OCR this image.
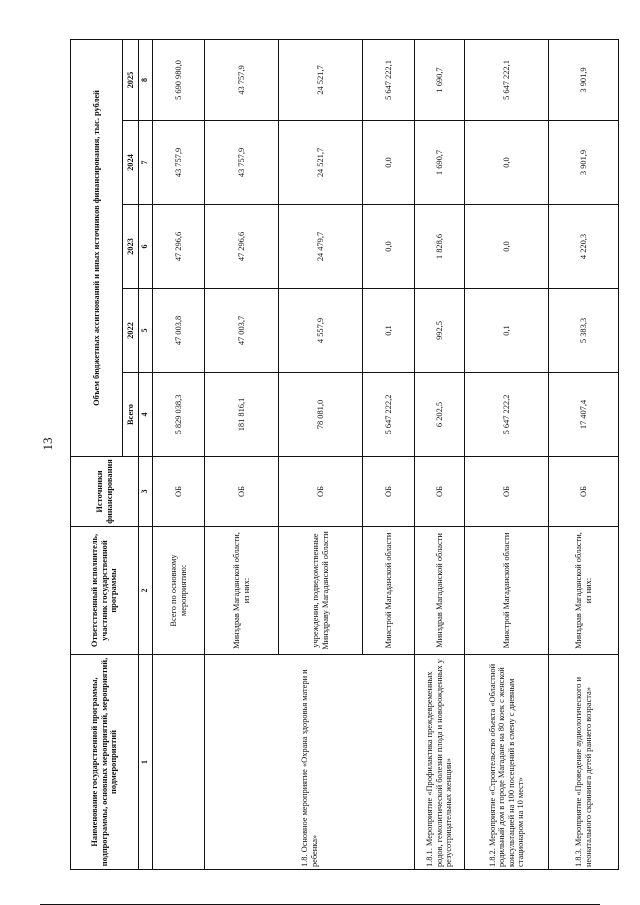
13
Наименование государственной программы, подпрограммы, основных мероприятий, мероприятий, подмероприятий	Ответственный исполнитель, участник государственной программы	Источники финансирования	Объем бюджетных ассигнований и иных источников финансирования, тыс. рублей				
			Всего	2022	2023	2024	2025
1	2	3	4	5	6	7	8
	Всего по основному мероприятию:	ОБ	5 829 038,3	47 003,8	47 296,6	43 757,9	5 690 980,0
1.8. Основное мероприятие «Охрана здоровья матери и ребенка»	Минздрав Магаданской области, из них:	ОБ	181 816,1	47 003,7	47 296,6	43 757,9	43 757,9
	учреждения, подведомственные Минздраву Магаданской области	ОБ	78 081,0	4 557,9	24 479,7	24 521,7	24 521,7
	Минстрой Магаданской области	ОБ	5 647 222,2	0,1	0,0	0,0	5 647 222,1
1.8.1. Мероприятие «Профилактика преждевременных родов, гемолитической болезни плода и новорожденных у резусотрицательных женщин»	Минздрав Магаданской области	ОБ	6 202,5	992,5	1 828,6	1 690,7	1 690,7
1.8.2. Мероприятие «Строительство объекта «Областной родильный дом в городе Магадане на 80 коек с женской консультацией на 100 посещений в смену с дневным стационаром на 10 мест»	Минстрой Магаданской области	ОБ	5 647 222,2	0,1	0,0	0,0	5 647 222,1
1.8.3. Мероприятие «Проведение аудиологического и неонатального скрининга детей раннего возраста»	Минздрав Магаданской области, из них:	ОБ	17 407,4	5 383,3	4 220,3	3 901,9	3 901,9
